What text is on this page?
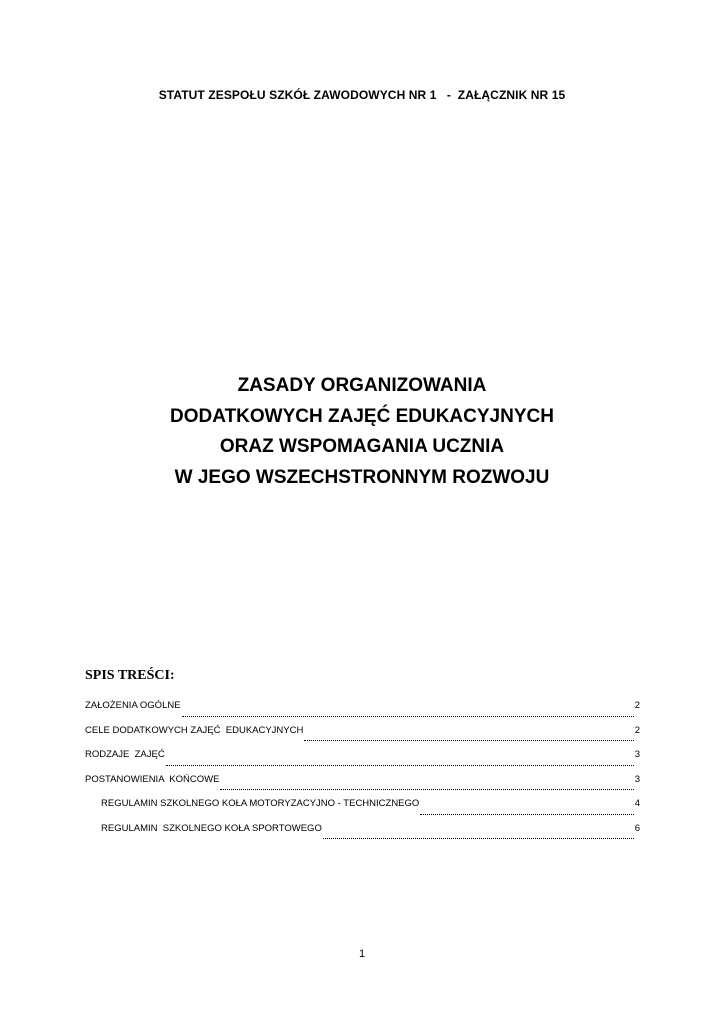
STATUT ZESPOŁU SZKÓŁ ZAWODOWYCH NR 1   -  ZAŁĄCZNIK NR 15
ZASADY ORGANIZOWANIA
DODATKOWYCH ZAJĘĆ EDUKACYJNYCH
ORAZ WSPOMAGANIA UCZNIA
W JEGO WSZECHSTRONNYM ROZWOJU
SPIS TREŚCI:
ZAŁOŻENIA OGÓLNE	2
CELE DODATKOWYCH ZAJĘĆ  EDUKACYJNYCH	2
RODZAJE  ZAJĘĆ	3
POSTANOWIENIA  KOŃCOWE	3
REGULAMIN SZKOLNEGO KOŁA MOTORYZACYJNO - TECHNICZNEGO	4
REGULAMIN  SZKOLNEGO KOŁA SPORTOWEGO	6
1
